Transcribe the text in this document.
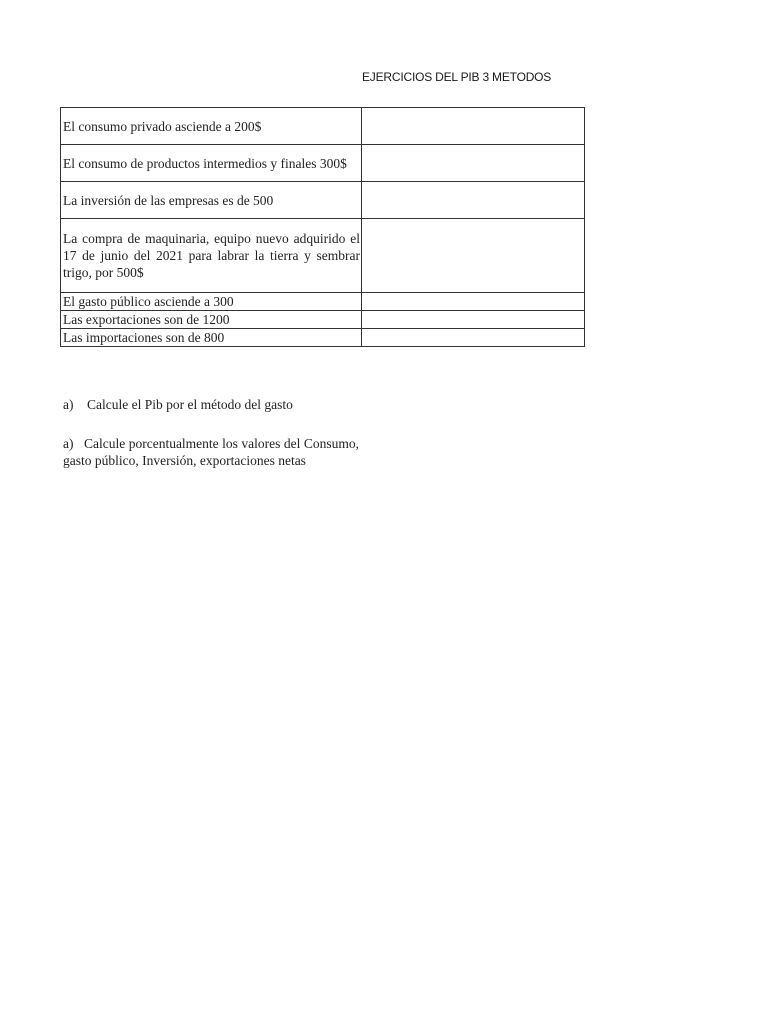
EJERCICIOS DEL PIB 3 METODOS
El consumo privado asciende a 200$	
El consumo de productos intermedios y finales 300$	
La inversión de las empresas es de 500	
La compra de maquinaria, equipo nuevo adquirido el 17 de junio del 2021 para labrar la tierra y sembrar trigo, por 500$	
El gasto público asciende a 300	
Las exportaciones son de 1200	
Las importaciones son de 800	
a) Calcule el Pib por el método del gasto
a) Calcule porcentualmente los valores del Consumo, gasto público, Inversión, exportaciones netas
